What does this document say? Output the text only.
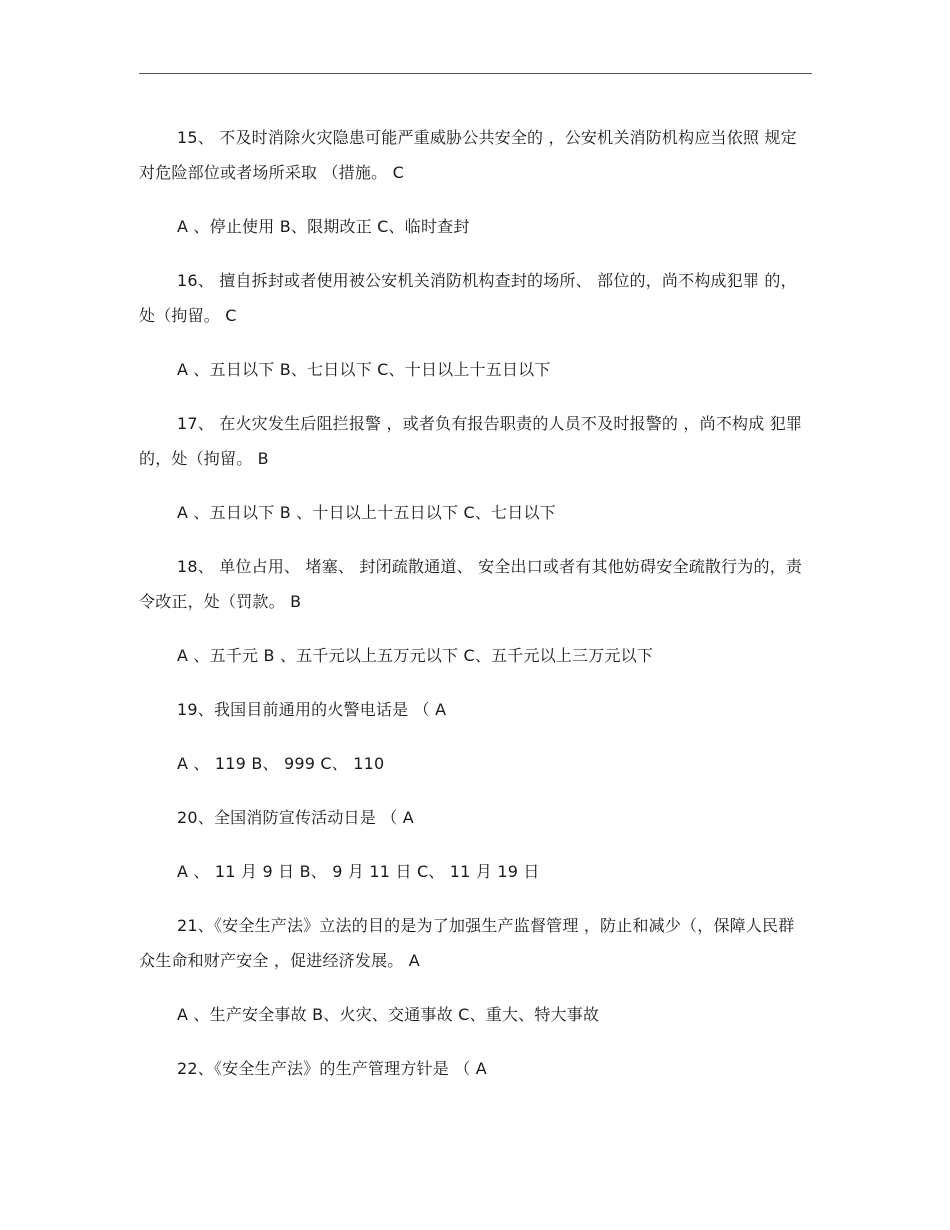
15、 不及时消除火灾隐患可能严重威胁公共安全的 ，公安机关消防机构应当依照 规定对危险部位或者场所采取 （措施。 C

A 、停止使用 B、限期改正 C、临时查封

16、 擅自拆封或者使用被公安机关消防机构查封的场所、 部位的，尚不构成犯罪 的，处（拘留。 C

A 、五日以下 B、七日以下 C、十日以上十五日以下

17、 在火灾发生后阻拦报警 ，或者负有报告职责的人员不及时报警的 ，尚不构成 犯罪的，处（拘留。 B

A 、五日以下 B 、十日以上十五日以下 C、七日以下

18、 单位占用、 堵塞、 封闭疏散通道、 安全出口或者有其他妨碍安全疏散行为的，责令改正，处（罚款。 B

A 、五千元 B 、五千元以上五万元以下 C、五千元以上三万元以下

19、我国目前通用的火警电话是 （ A

A 、 119 B、 999 C、 110

20、全国消防宣传活动日是 （ A

A 、 11 月 9 日 B、 9 月 11 日 C、 11 月 19 日

21、《安全生产法》立法的目的是为了加强生产监督管理 ，防止和减少（，保障人民群众生命和财产安全 ，促进经济发展。 A

A 、生产安全事故 B、火灾、交通事故 C、重大、特大事故

22、《安全生产法》的生产管理方针是 （ A
